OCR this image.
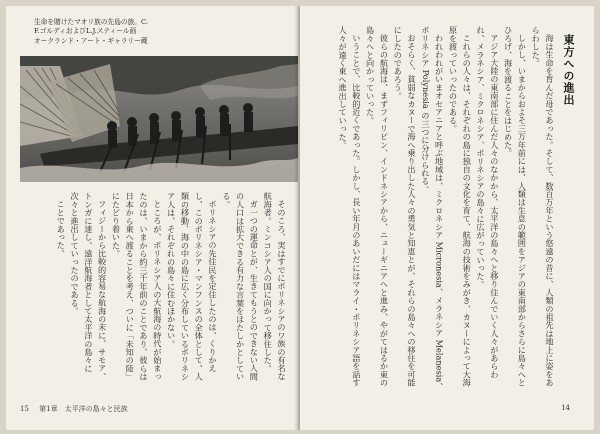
生命を賭けたマオリ族の先島の旅。C.
F.ゴルディおよびL.J.スティール画
オークランド・アート・ギャラリー蔵

そのころ、実はすでにポリネシアのワ族の有名な航海者。ミンコシア人の国に向かって移住した。

ガ一つの運命とが、生きてもうとのできない人間の人口は拡大できる有力な言葉をはたしかとしている。

ポリネシアの先住民を定住したのは、くりかえし、このボリネシア・マンフンスの全体として、人類の移動、海の中の島に広く分布しているポリネシア人は、それぞれの島々に住むほかない。

ところが、ポリネシア人の大航海の時代が始まったのは、いまから約三千年前のことであり、彼らは日本から東へ渡ることを考え、ついに「未知の陸」にたどり着いた。

フィジーから比較的容易な航海の末に、サモア、トンガに達し、遠洋航海者として太平洋の島々に次々と進出していったのである。

ことであった。

15 第1章　太平洋の島々と民族
東方への進出

海は生命を育んだ母であった。そして、数百万年という悠遠の昔に、人類の祖先は地上に姿をあらわした。

しかし、いまからおよそ三万年前には、人類は生息の範囲をアジアの東南部からさらに島々へとひろげ、海を渡ることをはじめた。

アジア大陸の東南部に住んだ人々のなかから、太平洋の島々へと移り住んでいく人々があらわれ、メラネシア、ミクロネシア、ポリネシアの島々に広がっていった。

これらの人々は、それぞれの島に独自の文化を育て、航海の技術をみがき、カヌーによって大海原を渡っていったのである。

われわれがいまオセアニアと呼ぶ地域は、ミクロネシア Micronesia、メラネシア Melanesia、ポリネシア Polynesia の三つに分けられる。

おそらく、貧弱なカヌーで海へ乗り出した人々の勇気と知恵とが、それらの島々への移住を可能にしたのであろう。

彼らの航海は、まずフィリピン、インドネシアから、ニューギニアへと進み、やがてはるか東の島々へと向かっていった。

いうことで、比較的近くであった。しかし、長い年月のあいだにはマライ・ポリネシア語を話す人々が遠く東へ進出していった。

14
